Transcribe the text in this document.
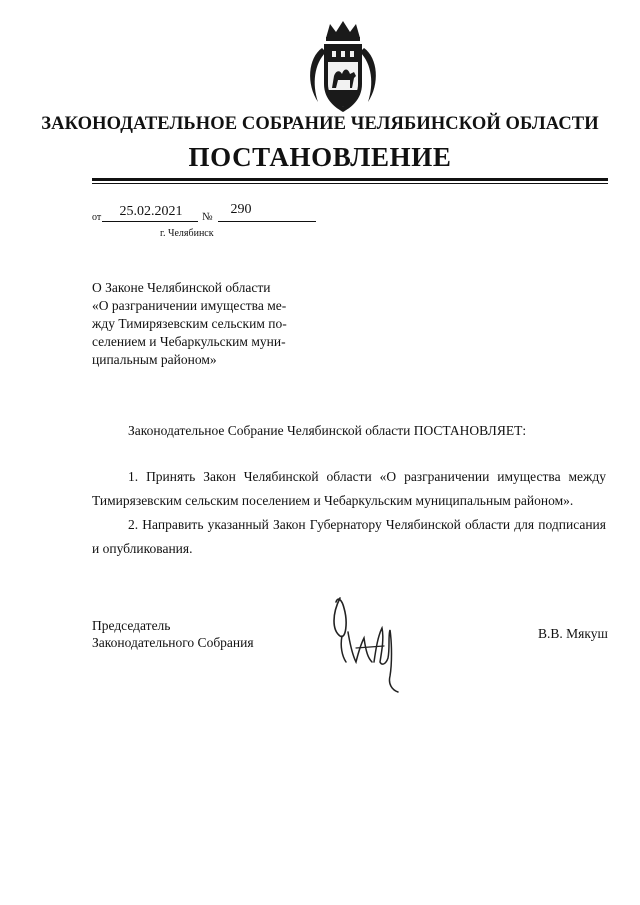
ЗАКОНОДАТЕЛЬНОЕ СОБРАНИЕ ЧЕЛЯБИНСКОЙ ОБЛАСТИ
ПОСТАНОВЛЕНИЕ
от	25.02.2021	№	290
г. Челябинск
О Законе Челябинской области
«О разграничении имущества ме-
жду Тимирязевским сельским по-
селением и Чебаркульским муни-
ципальным районом»
Законодательное Собрание Челябинской области ПОСТАНОВЛЯЕТ:
1. Принять Закон Челябинской области «О разграничении имущества между Тимирязевским сельским поселением и Чебаркульским муниципальным районом».
2. Направить указанный Закон Губернатору Челябинской области для подписания и опубликования.
Председатель
Законодательного Собрания
В.В. Мякуш
